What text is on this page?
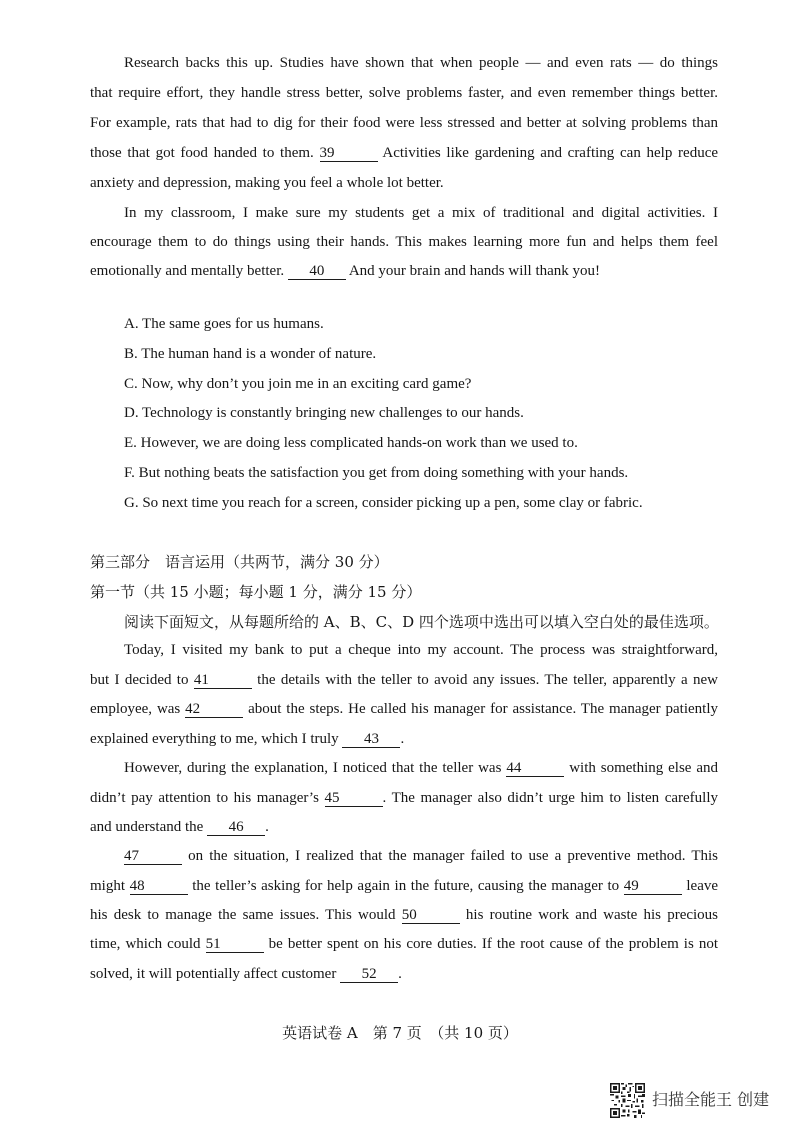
Research backs this up. Studies have shown that when people — and even rats — do things
that require effort, they handle stress better, solve problems faster, and even remember things better.
For example, rats that had to dig for their food were less stressed and better at solving problems than
those that got food handed to them. 39	Activities like gardening and crafting can help reduce
anxiety and depression, making you feel a whole lot better.
In my classroom, I make sure my students get a mix of traditional and digital activities. I
encourage them to do things using their hands. This makes learning more fun and helps them feel
emotionally and mentally better. 40 And your brain and hands will thank you!
A. The same goes for us humans.
B. The human hand is a wonder of nature.
C. Now, why don’t you join me in an exciting card game?
D. Technology is constantly bringing new challenges to our hands.
E. However, we are doing less complicated hands-on work than we used to.
F. But nothing beats the satisfaction you get from doing something with your hands.
G. So next time you reach for a screen, consider picking up a pen, some clay or fabric.
第三部分　语言运用（共两节，满分 30 分）
第一节（共 15 小题；每小题 1 分，满分 15 分）
阅读下面短文，从每题所给的 A、B、C、D 四个选项中选出可以填入空白处的最佳选项。
Today, I visited my bank to put a cheque into my account. The process was straightforward,
but I decided to 41	the details with the teller to avoid any issues. The teller, apparently a new
employee, was 42	about the steps. He called his manager for assistance. The manager patiently
explained everything to me, which I truly 43 .
However, during the explanation, I noticed that the teller was 44	with something else and
didn’t pay attention to his manager’s 45	. The manager also didn’t urge him to listen carefully
and understand the 46 .
47	on the situation, I realized that the manager failed to use a preventive method. This
might 48	the teller’s asking for help again in the future, causing the manager to 49	leave
his desk to manage the same issues. This would 50	his routine work and waste his precious
time, which could 51	be better spent on his core duties. If the root cause of the problem is not
solved, it will potentially affect customer 52 .
英语试卷 A　第 7 页　（共 10 页）
扫描全能王 创建
